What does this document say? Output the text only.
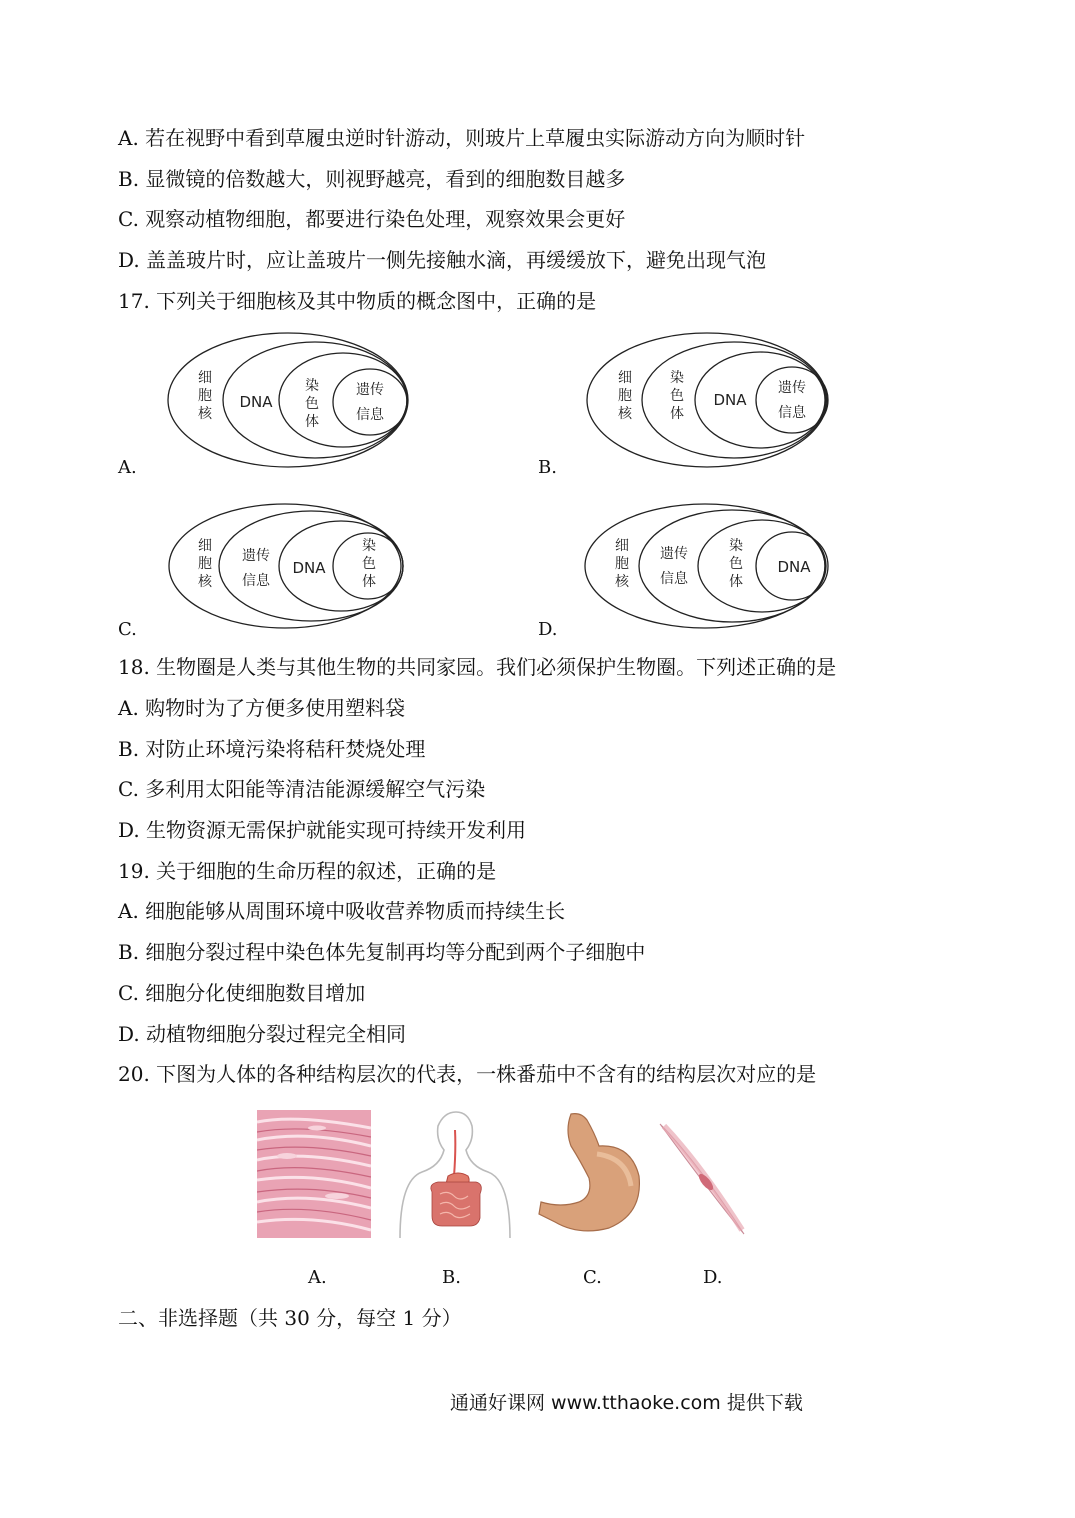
A. 若在视野中看到草履虫逆时针游动，则玻片上草履虫实际游动方向为顺时针
B. 显微镜的倍数越大，则视野越亮，看到的细胞数目越多
C. 观察动植物细胞，都要进行染色处理，观察效果会更好
D. 盖盖玻片时，应让盖玻片一侧先接触水滴，再缓缓放下，避免出现气泡
17. 下列关于细胞核及其中物质的概念图中，正确的是
细
胞
核
DNA
染
色
体
遗传
信息
A.
细
胞
核
染
色
体
DNA
遗传
信息
B.
细
胞
核
遗传
信息
DNA
染
色
体
C.
细
胞
核
遗传
信息
染
色
体
DNA
D.
18. 生物圈是人类与其他生物的共同家园。我们必须保护生物圈。下列述正确的是
A. 购物时为了方便多使用塑料袋
B. 对防止环境污染将秸秆焚烧处理
C. 多利用太阳能等清洁能源缓解空气污染
D. 生物资源无需保护就能实现可持续开发利用
19. 关于细胞的生命历程的叙述，正确的是
A. 细胞能够从周围环境中吸收营养物质而持续生长
B. 细胞分裂过程中染色体先复制再均等分配到两个子细胞中
C. 细胞分化使细胞数目增加
D. 动植物细胞分裂过程完全相同
20. 下图为人体的各种结构层次的代表，一株番茄中不含有的结构层次对应的是
A.	B.	C.	D.
二、非选择题（共 30 分，每空 1 分）
通通好课网 www.tthaoke.com 提供下载
